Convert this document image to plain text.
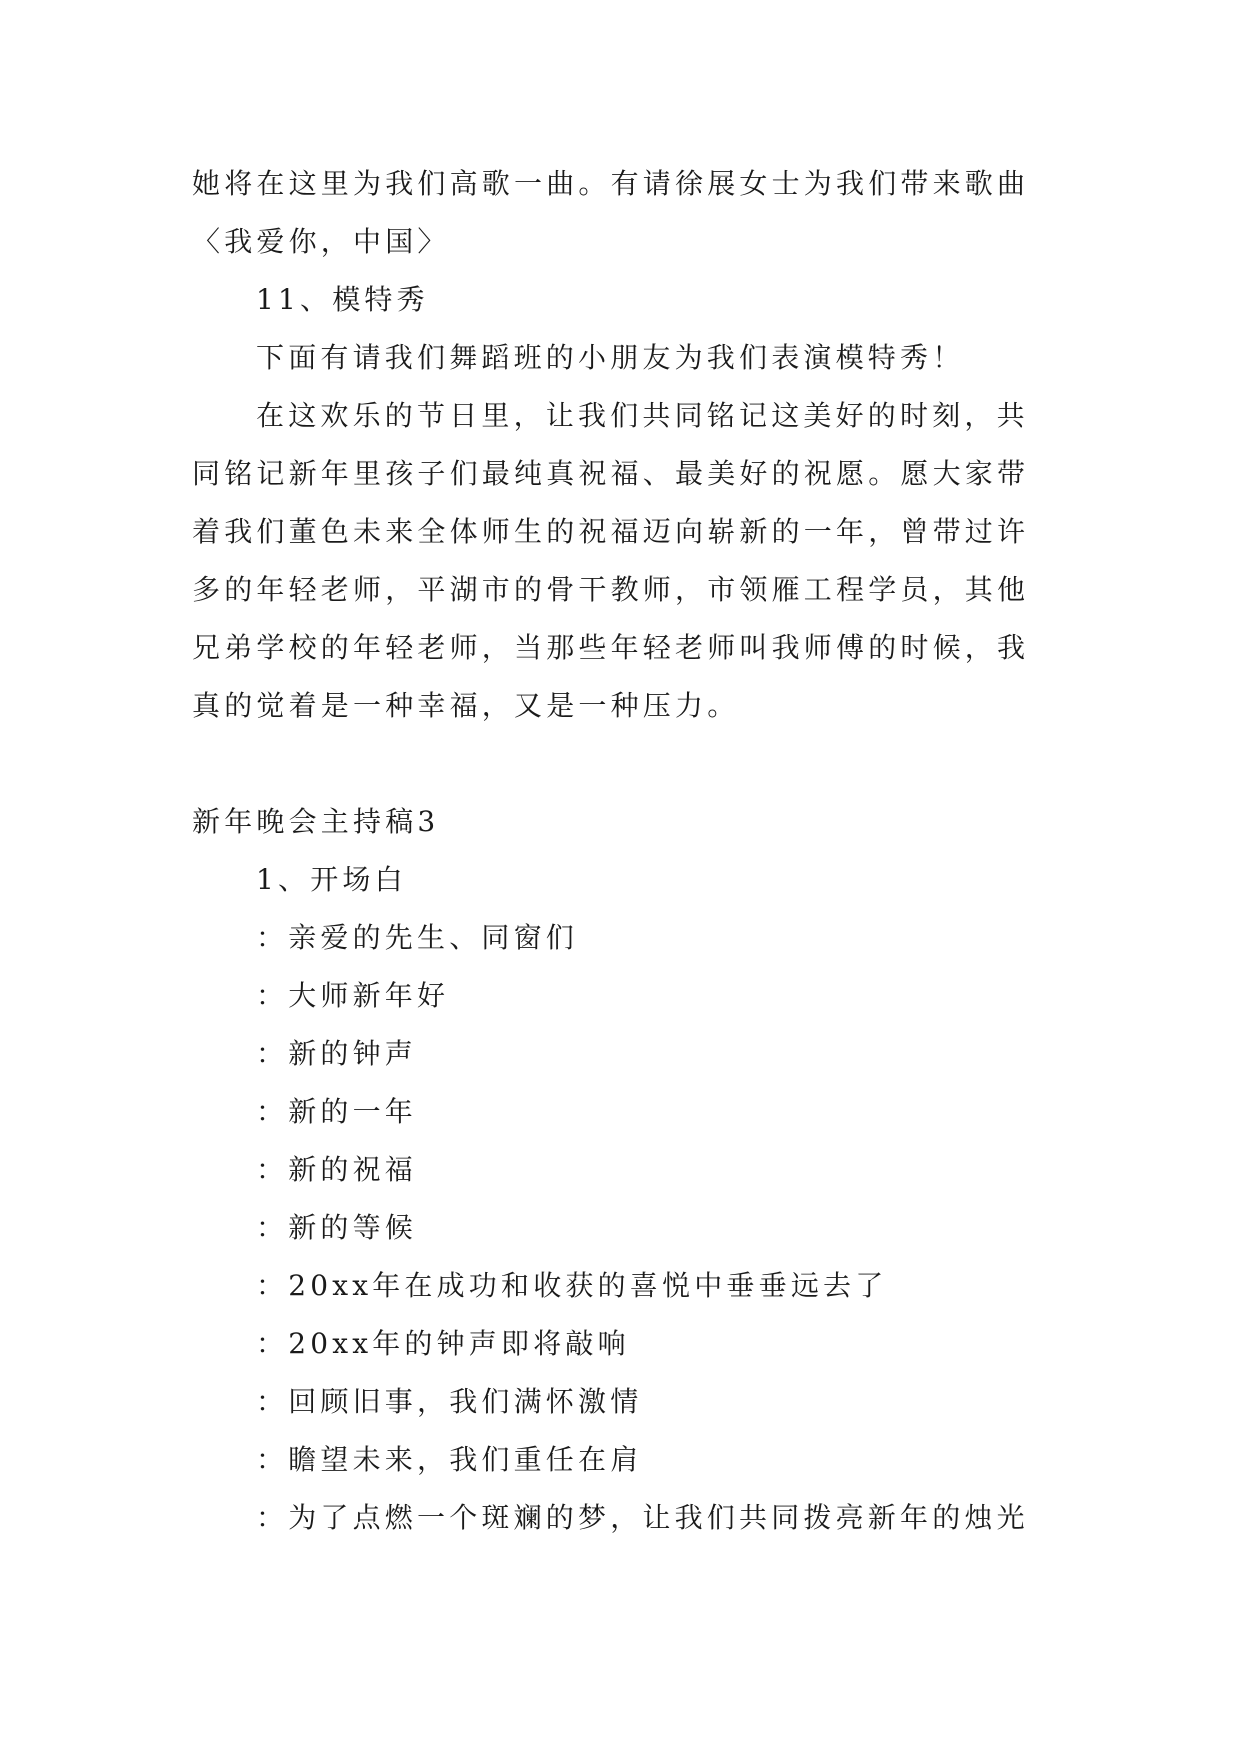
她将在这里为我们高歌一曲。有请徐展女士为我们带来歌曲
〈我爱你，中国〉
11、模特秀
下面有请我们舞蹈班的小朋友为我们表演模特秀！
在这欢乐的节日里，让我们共同铭记这美好的时刻，共
同铭记新年里孩子们最纯真祝福、最美好的祝愿。愿大家带
着我们董色未来全体师生的祝福迈向崭新的一年，曾带过许
多的年轻老师，平湖市的骨干教师，市领雁工程学员，其他
兄弟学校的年轻老师，当那些年轻老师叫我师傅的时候，我
真的觉着是一种幸福，又是一种压力。
新年晚会主持稿3
1、开场白
：亲爱的先生、同窗们
：大师新年好
：新的钟声
：新的一年
：新的祝福
：新的等候
：20xx年在成功和收获的喜悦中垂垂远去了
：20xx年的钟声即将敲响
：回顾旧事，我们满怀激情
：瞻望未来，我们重任在肩
：为了点燃一个斑斓的梦，让我们共同拨亮新年的烛光
